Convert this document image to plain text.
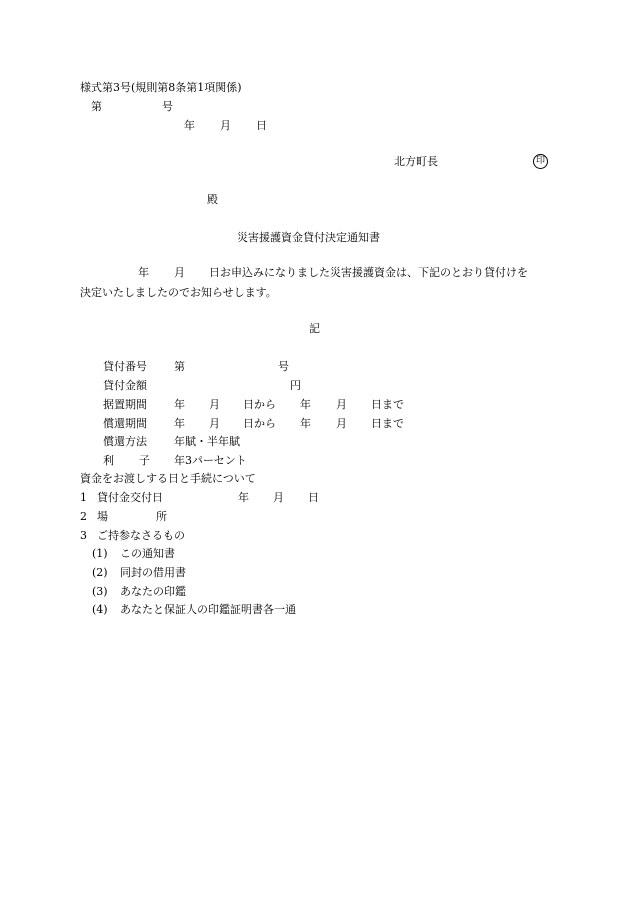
様式第3号(規則第8条第1項関係)
第	号
年 月 日
北方町長	印
殿
災害援護資金貸付決定通知書
年 月 日お申込みになりました災害援護資金は、下記のとおり貸付けを
決定いたしましたのでお知らせします。
記
貸付番号 第	号
貸付金額	円
据置期間 年 月 日から 年 月 日まで
償還期間 年 月 日から 年 月 日まで
償還方法 年賦・半年賦
利 子 年3パーセント
資金をお渡しする日と手続について
1 貸付金交付日	年 月 日
2 場	所
3 ご持参なさるもの
(1) この通知書
(2) 同封の借用書
(3) あなたの印鑑
(4) あなたと保証人の印鑑証明書各一通
